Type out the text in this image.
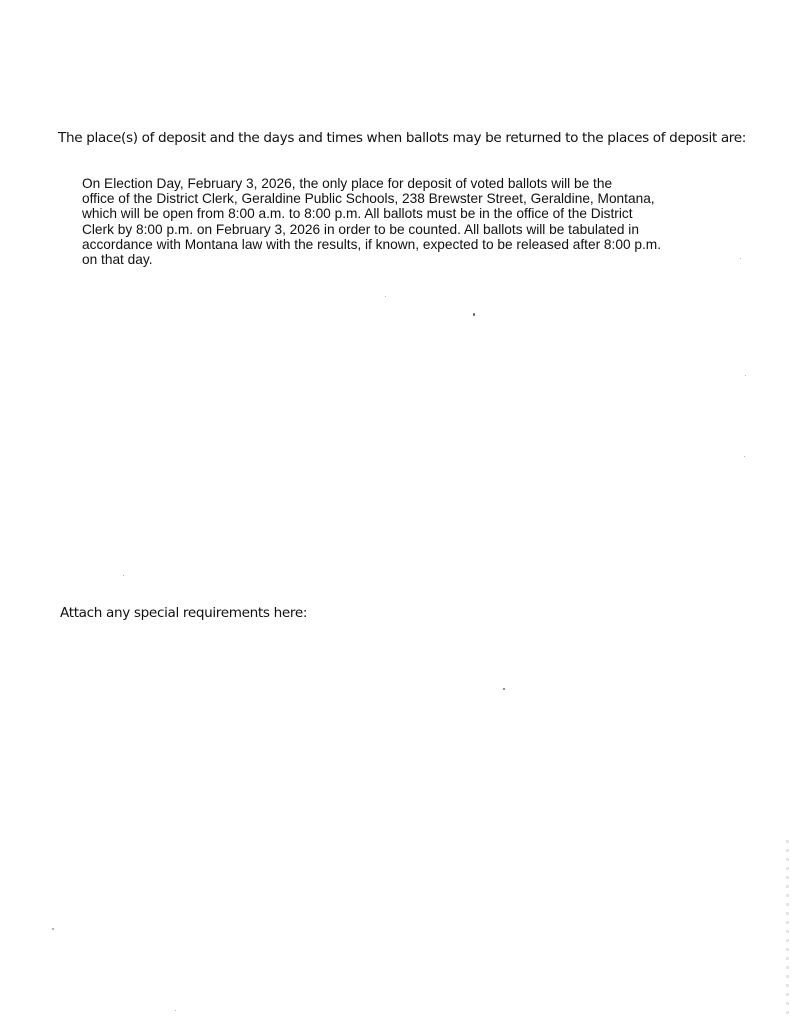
The place(s) of deposit and the days and times when ballots may be returned to the places of deposit are:
On Election Day, February 3, 2026, the only place for deposit of voted ballots will be the
office of the District Clerk, Geraldine Public Schools, 238 Brewster Street, Geraldine, Montana,
which will be open from 8:00 a.m. to 8:00 p.m. All ballots must be in the office of the District
Clerk by 8:00 p.m. on February 3, 2026 in order to be counted. All ballots will be tabulated in
accordance with Montana law with the results, if known, expected to be released after 8:00 p.m.
on that day.
Attach any special requirements here:
